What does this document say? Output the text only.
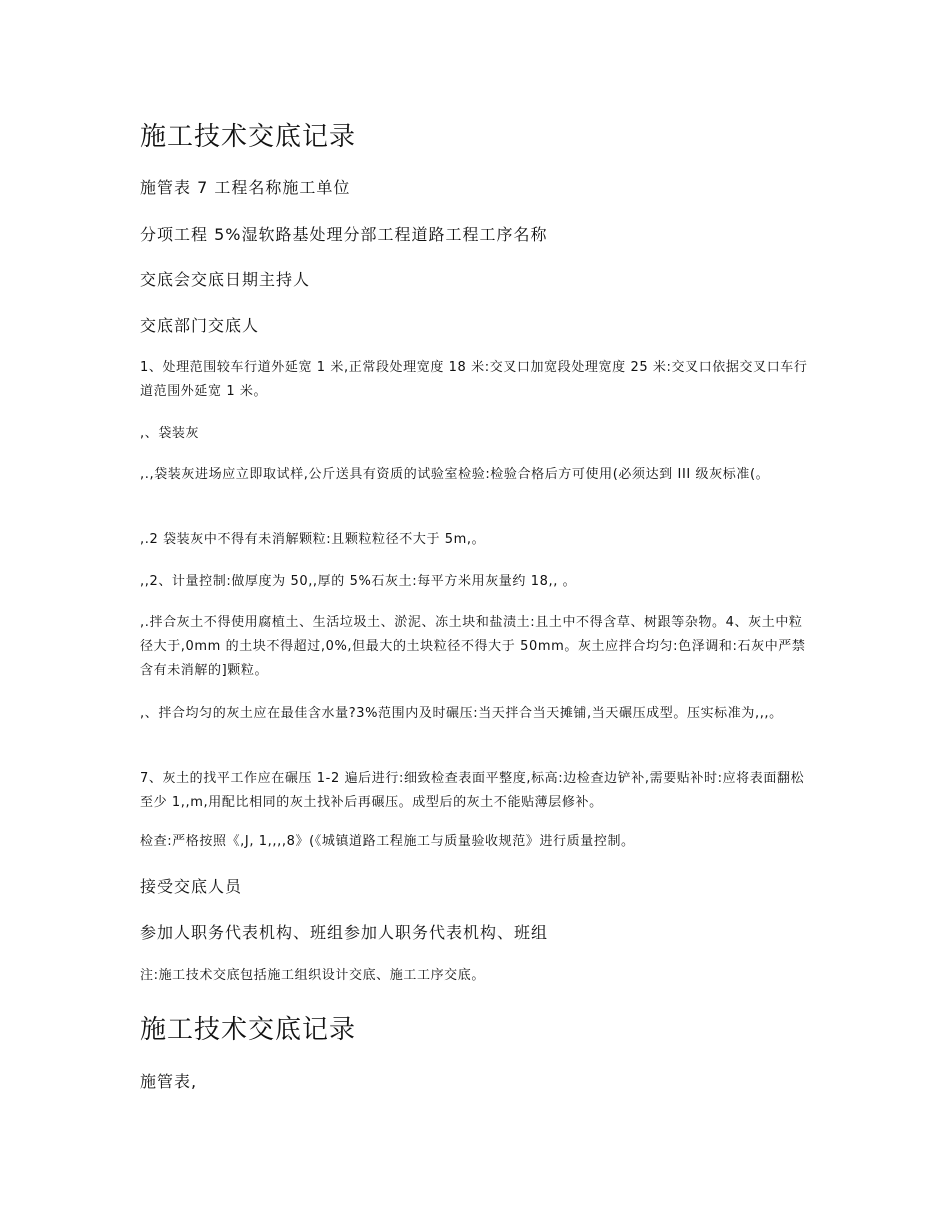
施工技术交底记录

施管表 7 工程名称施工单位

分项工程 5%湿软路基处理分部工程道路工程工序名称

交底会交底日期主持人

交底部门交底人

1、处理范围较车行道外延宽 1 米,正常段处理宽度 18 米:交叉口加宽段处理宽度 25 米:交叉口依据交叉口车行道范围外延宽 1 米。

,、袋装灰

,.,袋装灰进场应立即取试样,公斤送具有资质的试验室检验:检验合格后方可使用(必须达到 III 级灰标准(。

,.2 袋装灰中不得有未消解颗粒:且颗粒粒径不大于 5m,。

,,2、计量控制:做厚度为 50,,厚的 5%石灰土:每平方米用灰量约 18,, 。

,.拌合灰土不得使用腐植土、生活垃圾土、淤泥、冻土块和盐渍土:且土中不得含草、树跟等杂物。4、灰土中粒径大于,0mm 的土块不得超过,0%,但最大的土块粒径不得大于 50mm。灰土应拌合均匀:色泽调和:石灰中严禁含有未消解的]颗粒。

,、拌合均匀的灰土应在最佳含水量?3%范围内及时碾压:当天拌合当天摊铺,当天碾压成型。压实标准为,,,。

7、灰土的找平工作应在碾压 1-2 遍后进行:细致检查表面平整度,标高:边检查边铲补,需要贴补时:应将表面翻松至少 1,,m,用配比相同的灰土找补后再碾压。成型后的灰土不能贴薄层修补。

检查:严格按照《,J, 1,,,,8》(《城镇道路工程施工与质量验收规范》进行质量控制。

接受交底人员

参加人职务代表机构、班组参加人职务代表机构、班组

注:施工技术交底包括施工组织设计交底、施工工序交底。

施工技术交底记录

施管表,
